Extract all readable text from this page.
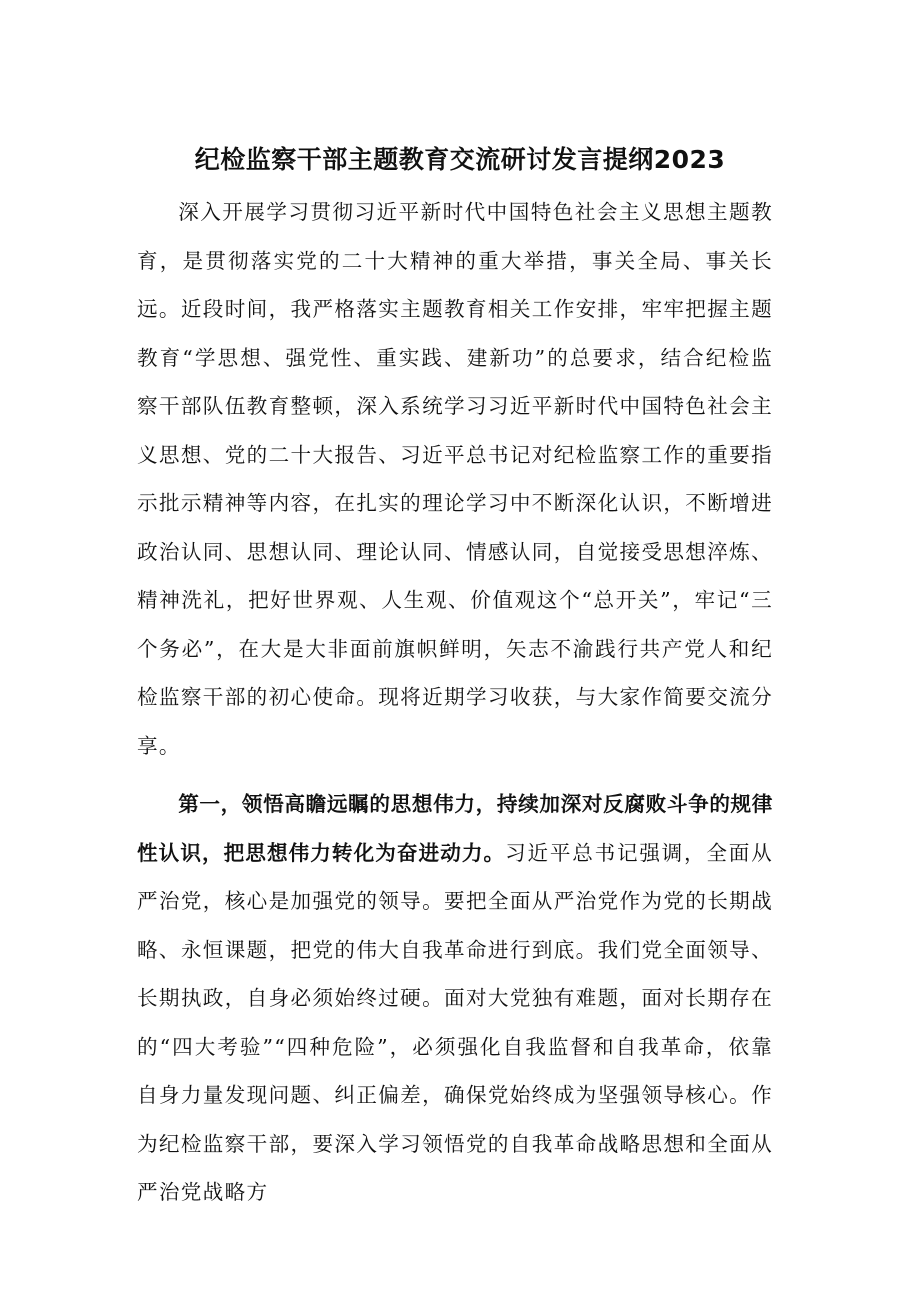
纪检监察干部主题教育交流研讨发言提纲2023

深入开展学习贯彻习近平新时代中国特色社会主义思想主题教育，是贯彻落实党的二十大精神的重大举措，事关全局、事关长远。近段时间，我严格落实主题教育相关工作安排，牢牢把握主题教育“学思想、强党性、重实践、建新功”的总要求，结合纪检监察干部队伍教育整顿，深入系统学习习近平新时代中国特色社会主义思想、党的二十大报告、习近平总书记对纪检监察工作的重要指示批示精神等内容，在扎实的理论学习中不断深化认识，不断增进政治认同、思想认同、理论认同、情感认同，自觉接受思想淬炼、精神洗礼，把好世界观、人生观、价值观这个“总开关”，牢记“三个务必”，在大是大非面前旗帜鲜明，矢志不渝践行共产党人和纪检监察干部的初心使命。现将近期学习收获，与大家作简要交流分享。

第一，领悟高瞻远瞩的思想伟力，持续加深对反腐败斗争的规律性认识，把思想伟力转化为奋进动力。习近平总书记强调，全面从严治党，核心是加强党的领导。要把全面从严治党作为党的长期战略、永恒课题，把党的伟大自我革命进行到底。我们党全面领导、长期执政，自身必须始终过硬。面对大党独有难题，面对长期存在的“四大考验”“四种危险”，必须强化自我监督和自我革命，依靠自身力量发现问题、纠正偏差，确保党始终成为坚强领导核心。作为纪检监察干部，要深入学习领悟党的自我革命战略思想和全面从严治党战略方
